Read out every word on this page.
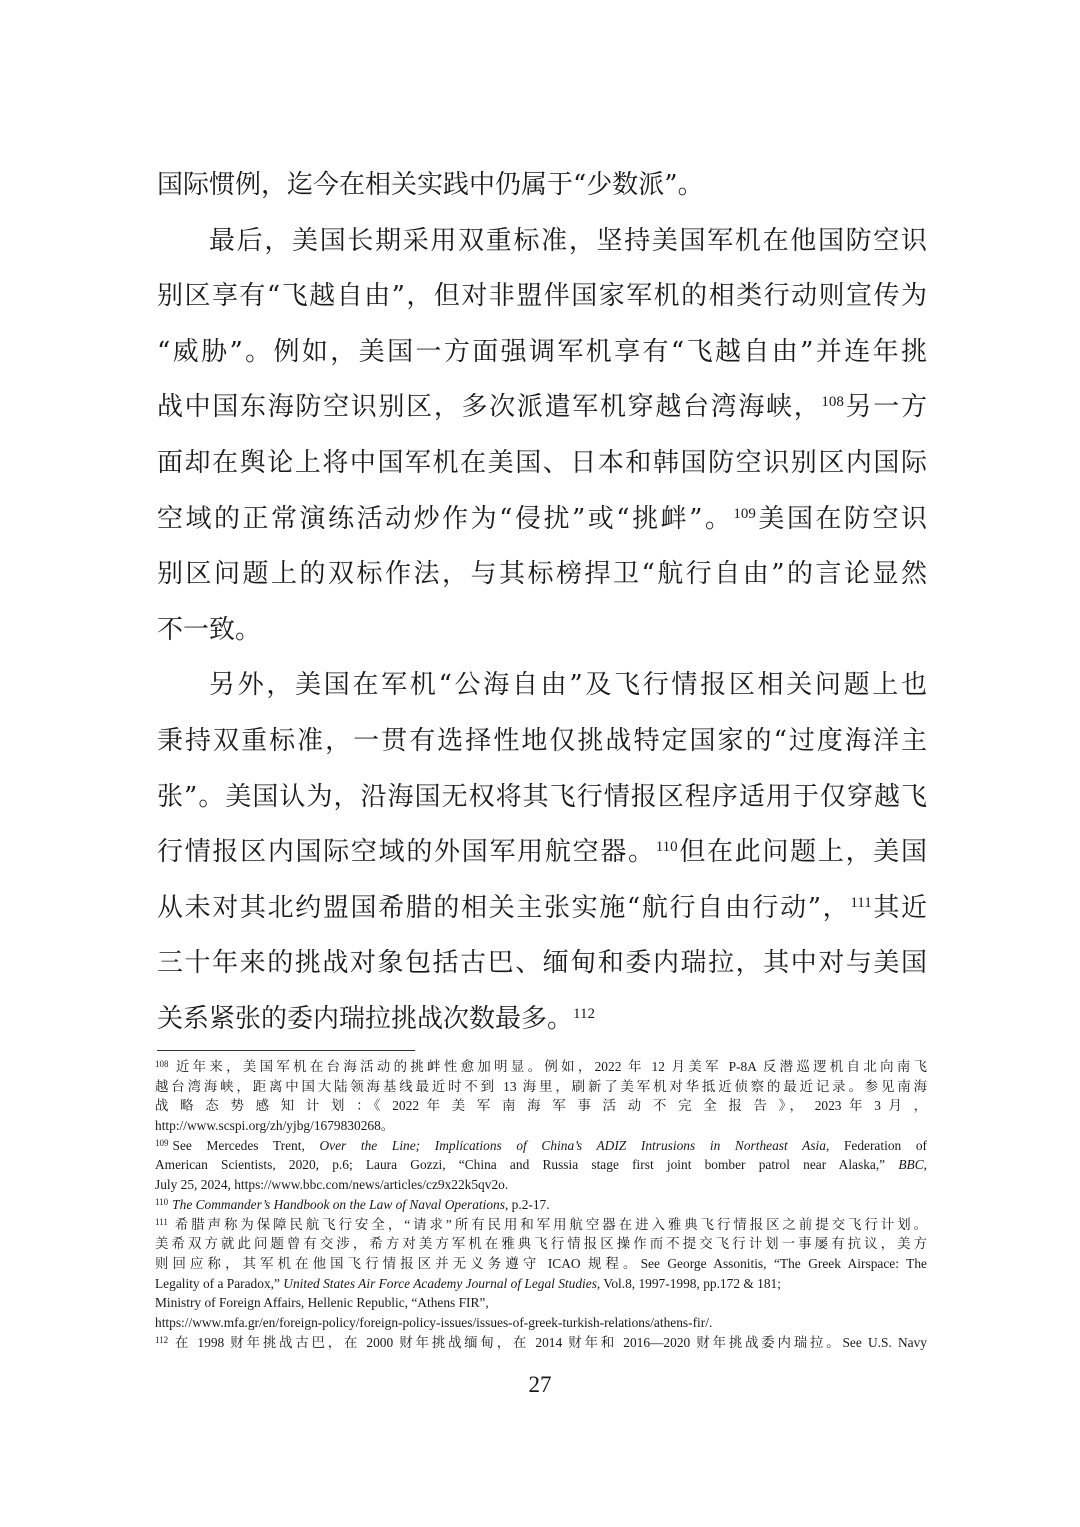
国际惯例，迄今在相关实践中仍属于“少数派”。
最后，美国长期采用双重标准，坚持美国军机在他国防空识
别区享有“飞越自由”，但对非盟伴国家军机的相类行动则宣传为
“威胁”。例如，美国一方面强调军机享有“飞越自由”并连年挑
战中国东海防空识别区，多次派遣军机穿越台湾海峡，$^{108}$另一方
面却在舆论上将中国军机在美国、日本和韩国防空识别区内国际
空域的正常演练活动炒作为“侵扰”或“挑衅”。$^{109}$美国在防空识
别区问题上的双标作法，与其标榜捍卫“航行自由”的言论显然
不一致。
另外，美国在军机“公海自由”及飞行情报区相关问题上也
秉持双重标准，一贯有选择性地仅挑战特定国家的“过度海洋主
张”。美国认为，沿海国无权将其飞行情报区程序适用于仅穿越飞
行情报区内国际空域的外国军用航空器。$^{110}$但在此问题上，美国
从未对其北约盟国希腊的相关主张实施“航行自由行动”，$^{111}$其近
三十年来的挑战对象包括古巴、缅甸和委内瑞拉，其中对与美国
关系紧张的委内瑞拉挑战次数最多。$^{112}$
$^{108}$ 近年来，美国军机在台海活动的挑衅性愈加明显。例如，2022 年 12 月美军 P-8A 反潜巡逻机自北向南飞
越台湾海峡，距离中国大陆领海基线最近时不到 13 海里，刷新了美军机对华抵近侦察的最近记录。参见南海
战 略 态 势 感 知 计 划 ：《 2022 年 美 军 南 海 军 事 活 动 不 完 全 报 告 》， 2023 年 3 月 ，
http://www.scspi.org/zh/yjbg/1679830268。
$^{109}$ See Mercedes Trent, Over the Line; Implications of China’s ADIZ Intrusions in Northeast Asia, Federation of
American Scientists, 2020, p.6; Laura Gozzi, “China and Russia stage first joint bomber patrol near Alaska,” BBC,
July 25, 2024, https://www.bbc.com/news/articles/cz9x22k5qv2o.
$^{110}$ The Commander’s Handbook on the Law of Naval Operations, p.2-17.
$^{111}$ 希腊声称为保障民航飞行安全，“请求”所有民用和军用航空器在进入雅典飞行情报区之前提交飞行计划。
美希双方就此问题曾有交涉，希方对美方军机在雅典飞行情报区操作而不提交飞行计划一事屡有抗议，美方
则回应称，其军机在他国飞行情报区并无义务遵守 ICAO 规程。See George Assonitis, “The Greek Airspace: The
Legality of a Paradox,” United States Air Force Academy Journal of Legal Studies, Vol.8, 1997-1998, pp.172 & 181;
Ministry of Foreign Affairs, Hellenic Republic, “Athens FIR”,
https://www.mfa.gr/en/foreign-policy/foreign-policy-issues/issues-of-greek-turkish-relations/athens-fir/.
$^{112}$ 在 1998 财年挑战古巴，在 2000 财年挑战缅甸，在 2014 财年和 2016—2020 财年挑战委内瑞拉。See U.S. Navy
27
